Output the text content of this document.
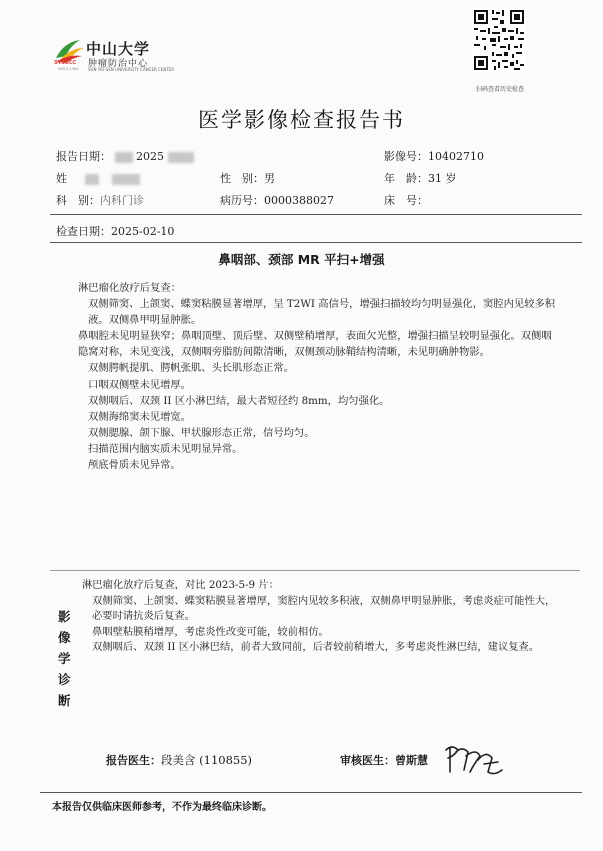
SYSUCC
SINCE 1964
中山大学
肿瘤防治中心
SUN YAT-SEN UNIVERSITY CANCER CENTER
扫码查看历史检查
医学影像检查报告书
报告日期： 2025	影像号：10402710
姓	性　别：男	年　龄：31 岁
科　别：内科门诊	病历号：0000388027	床　号：
检查日期：2025-02-10
鼻咽部、颈部 MR 平扫+增强

淋巴瘤化放疗后复查：

双侧筛窦、上颌窦、蝶窦粘膜显著增厚，呈 T2WI 高信号，增强扫描较均匀明显强化，窦腔内见较多积液。双侧鼻甲明显肿胀。

鼻咽腔未见明显狭窄；鼻咽顶壁、顶后壁、双侧壁稍增厚，表面欠光整，增强扫描呈较明显强化。双侧咽隐窝对称，未见变浅，双侧咽旁脂肪间隙清晰，双侧颈动脉鞘结构清晰，未见明确肿物影。

双侧腭帆提肌、腭帆张肌、头长肌形态正常。

口咽双侧壁未见增厚。

双侧咽后、双颈 II 区小淋巴结，最大者短径约 8mm，均匀强化。

双侧海绵窦未见增宽。

双侧腮腺、颌下腺、甲状腺形态正常，信号均匀。

扫描范围内脑实质未见明显异常。

颅底骨质未见异常。

影
像
学
诊
断

淋巴瘤化放疗后复查，对比 2023-5-9 片：

双侧筛窦、上颌窦、蝶窦粘膜显著增厚，窦腔内见较多积液，双侧鼻甲明显肿胀，考虑炎症可能性大，必要时请抗炎后复查。

鼻咽壁粘膜稍增厚，考虑炎性改变可能，较前相仿。

双侧咽后、双颈 II 区小淋巴结，前者大致同前，后者较前稍增大，多考虑炎性淋巴结，建议复查。

报告医生：段美含 (110855)	审核医生：曾斯慧
本报告仅供临床医师参考，不作为最终临床诊断。
